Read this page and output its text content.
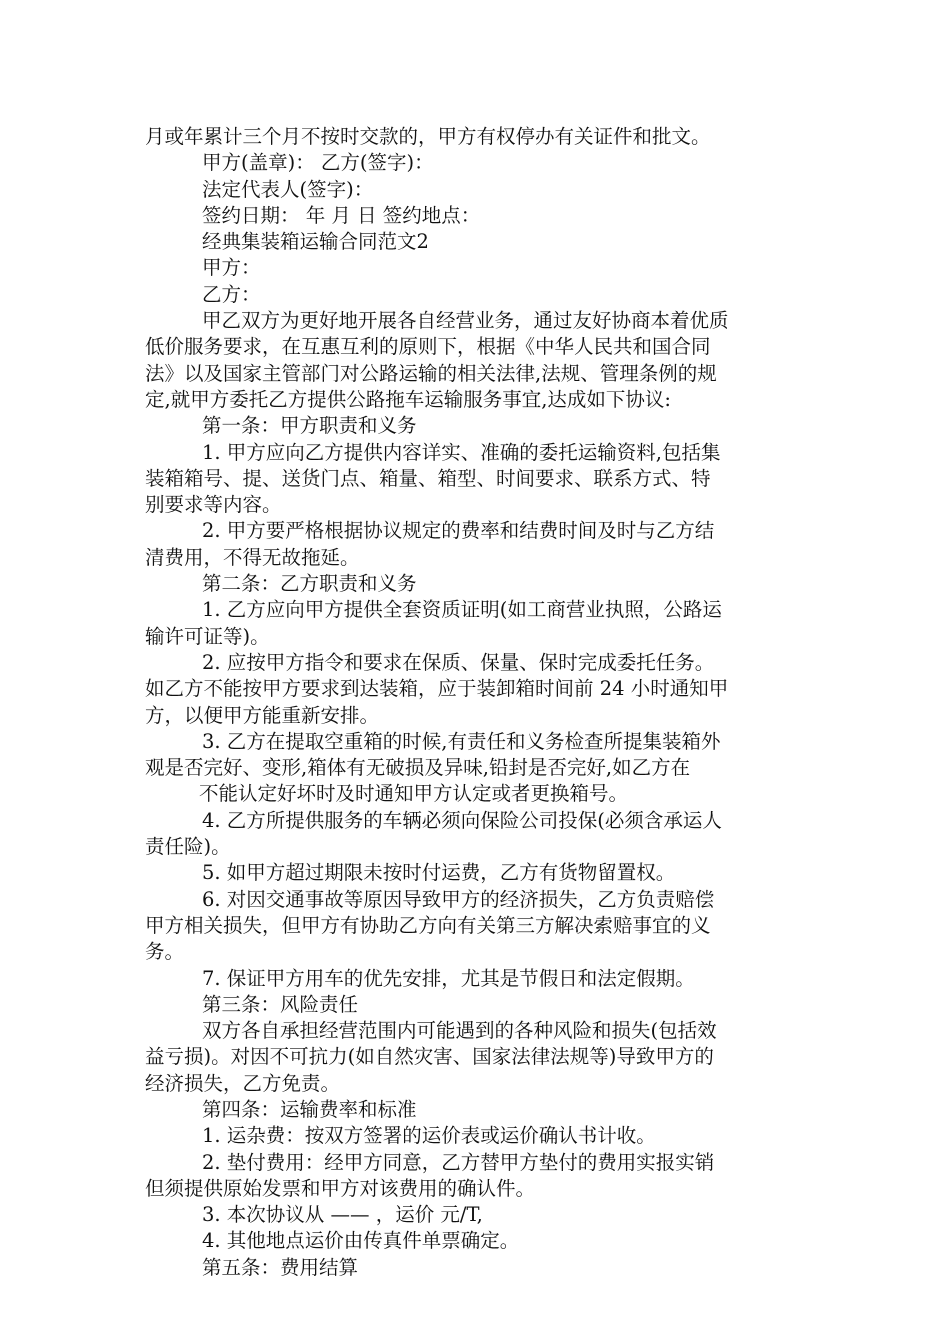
月或年累计三个月不按时交款的，甲方有权停办有关证件和批文。
甲方(盖章)： 乙方(签字)：
法定代表人(签字)：
签约日期： 年 月 日 签约地点：
经典集装箱运输合同范文2
甲方：
乙方：
甲乙双方为更好地开展各自经营业务，通过友好协商本着优质
低价服务要求，在互惠互利的原则下，根据《中华人民共和国合同
法》以及国家主管部门对公路运输的相关法律,法规、管理条例的规
定,就甲方委托乙方提供公路拖车运输服务事宜,达成如下协议:
第一条：甲方职责和义务
1. 甲方应向乙方提供内容详实、准确的委托运输资料,包括集
装箱箱号、提、送货门点、箱量、箱型、时间要求、联系方式、特
别要求等内容。
2. 甲方要严格根据协议规定的费率和结费时间及时与乙方结
清费用，不得无故拖延。
第二条：乙方职责和义务
1. 乙方应向甲方提供全套资质证明(如工商营业执照，公路运
输许可证等)。
2. 应按甲方指令和要求在保质、保量、保时完成委托任务。
如乙方不能按甲方要求到达装箱，应于装卸箱时间前 24 小时通知甲
方，以便甲方能重新安排。
3. 乙方在提取空重箱的时候,有责任和义务检查所提集装箱外
观是否完好、变形,箱体有无破损及异味,铅封是否完好,如乙方在
不能认定好坏时及时通知甲方认定或者更换箱号。
4. 乙方所提供服务的车辆必须向保险公司投保(必须含承运人
责任险)。
5. 如甲方超过期限未按时付运费，乙方有货物留置权。
6. 对因交通事故等原因导致甲方的经济损失，乙方负责赔偿
甲方相关损失，但甲方有协助乙方向有关第三方解决索赔事宜的义
务。
7. 保证甲方用车的优先安排，尤其是节假日和法定假期。
第三条：风险责任
双方各自承担经营范围内可能遇到的各种风险和损失(包括效
益亏损)。对因不可抗力(如自然灾害、国家法律法规等)导致甲方的
经济损失，乙方免责。
第四条：运输费率和标准
1. 运杂费：按双方签署的运价表或运价确认书计收。
2. 垫付费用：经甲方同意，乙方替甲方垫付的费用实报实销
但须提供原始发票和甲方对该费用的确认件。
3. 本次协议从 —— ，运价 元/T,
4. 其他地点运价由传真件单票确定。
第五条：费用结算
